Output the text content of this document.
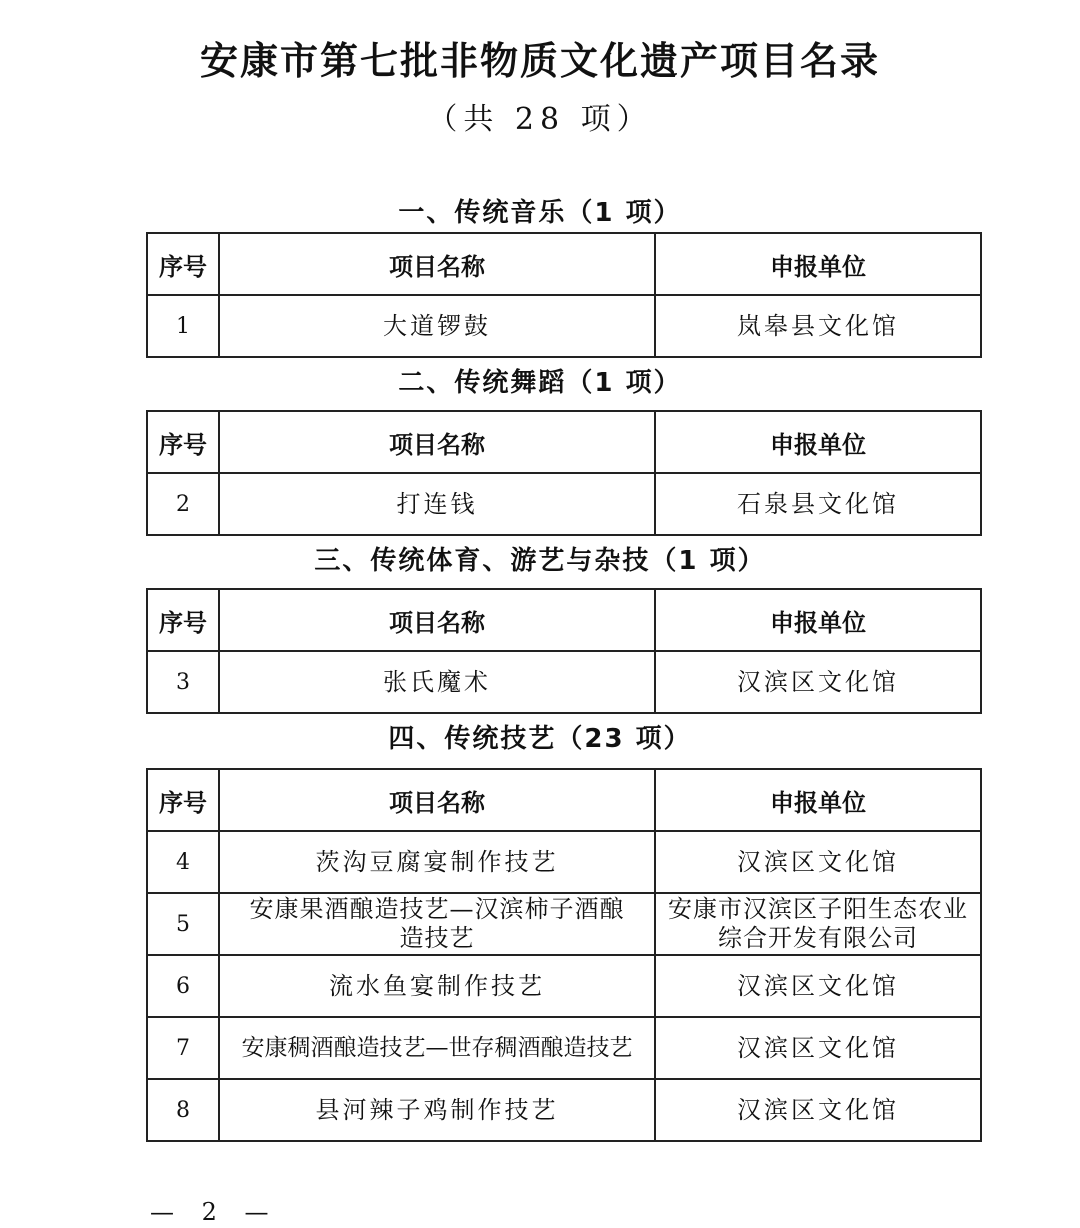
安康市第七批非物质文化遗产项目名录
（共 28 项）
一、传统音乐（1 项）
序号	项目名称	申报单位
1	大道锣鼓	岚皋县文化馆
二、传统舞蹈（1 项）
序号	项目名称	申报单位
2	打连钱	石泉县文化馆
三、传统体育、游艺与杂技（1 项）
序号	项目名称	申报单位
3	张氏魔术	汉滨区文化馆
四、传统技艺（23 项）
序号	项目名称	申报单位
4	茨沟豆腐宴制作技艺	汉滨区文化馆
5	安康果酒酿造技艺—汉滨柿子酒酿造技艺	安康市汉滨区子阳生态农业综合开发有限公司
6	流水鱼宴制作技艺	汉滨区文化馆
7	安康稠酒酿造技艺—世存稠酒酿造技艺	汉滨区文化馆
8	县河辣子鸡制作技艺	汉滨区文化馆
— 2 —
